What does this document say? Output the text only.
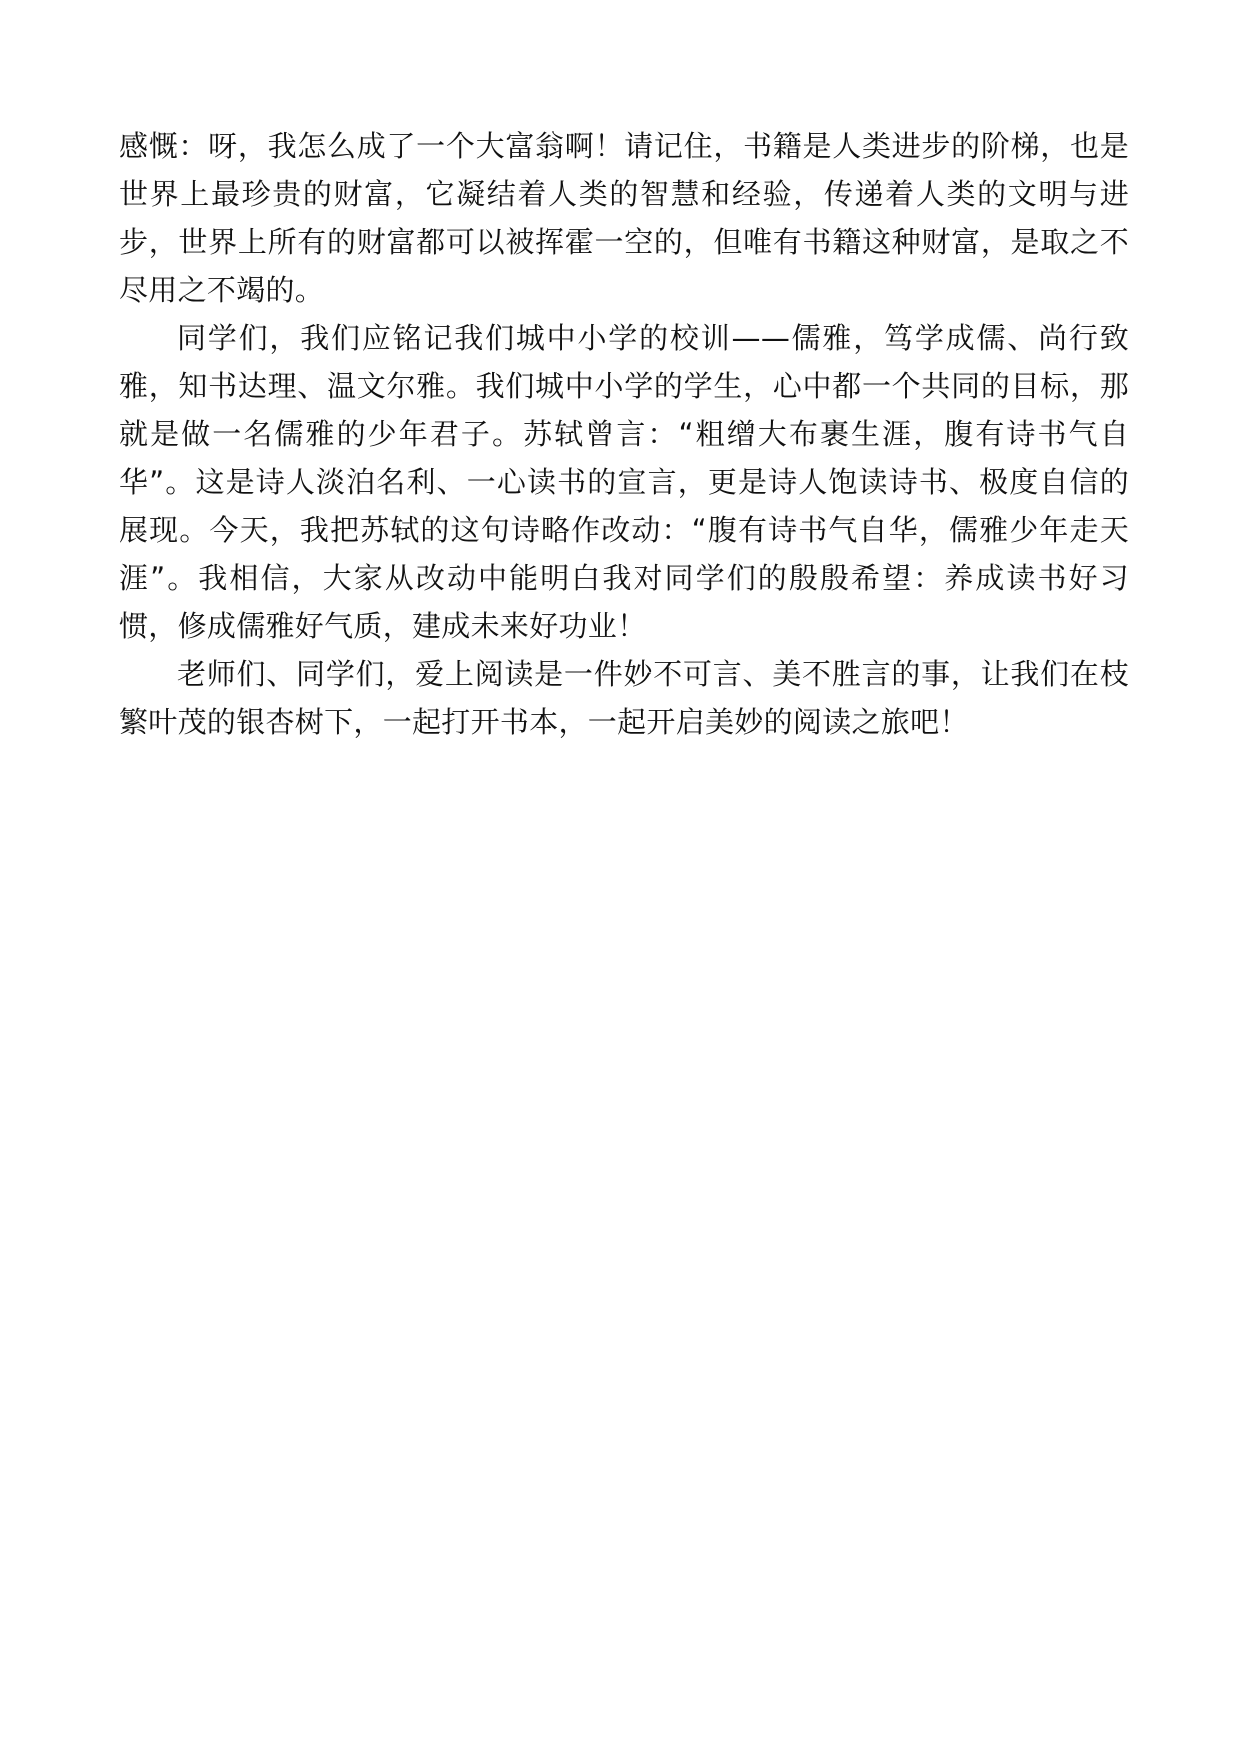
感慨：呀，我怎么成了一个大富翁啊！请记住，书籍是人类进步的阶梯，也是世界上最珍贵的财富，它凝结着人类的智慧和经验，传递着人类的文明与进步，世界上所有的财富都可以被挥霍一空的，但唯有书籍这种财富，是取之不尽用之不竭的。

同学们，我们应铭记我们城中小学的校训——儒雅，笃学成儒、尚行致雅，知书达理、温文尔雅。我们城中小学的学生，心中都一个共同的目标，那就是做一名儒雅的少年君子。苏轼曾言：“粗缯大布裹生涯，腹有诗书气自华”。这是诗人淡泊名利、一心读书的宣言，更是诗人饱读诗书、极度自信的展现。今天，我把苏轼的这句诗略作改动：“腹有诗书气自华，儒雅少年走天涯”。我相信，大家从改动中能明白我对同学们的殷殷希望：养成读书好习惯，修成儒雅好气质，建成未来好功业！

老师们、同学们，爱上阅读是一件妙不可言、美不胜言的事，让我们在枝繁叶茂的银杏树下，一起打开书本，一起开启美妙的阅读之旅吧！
